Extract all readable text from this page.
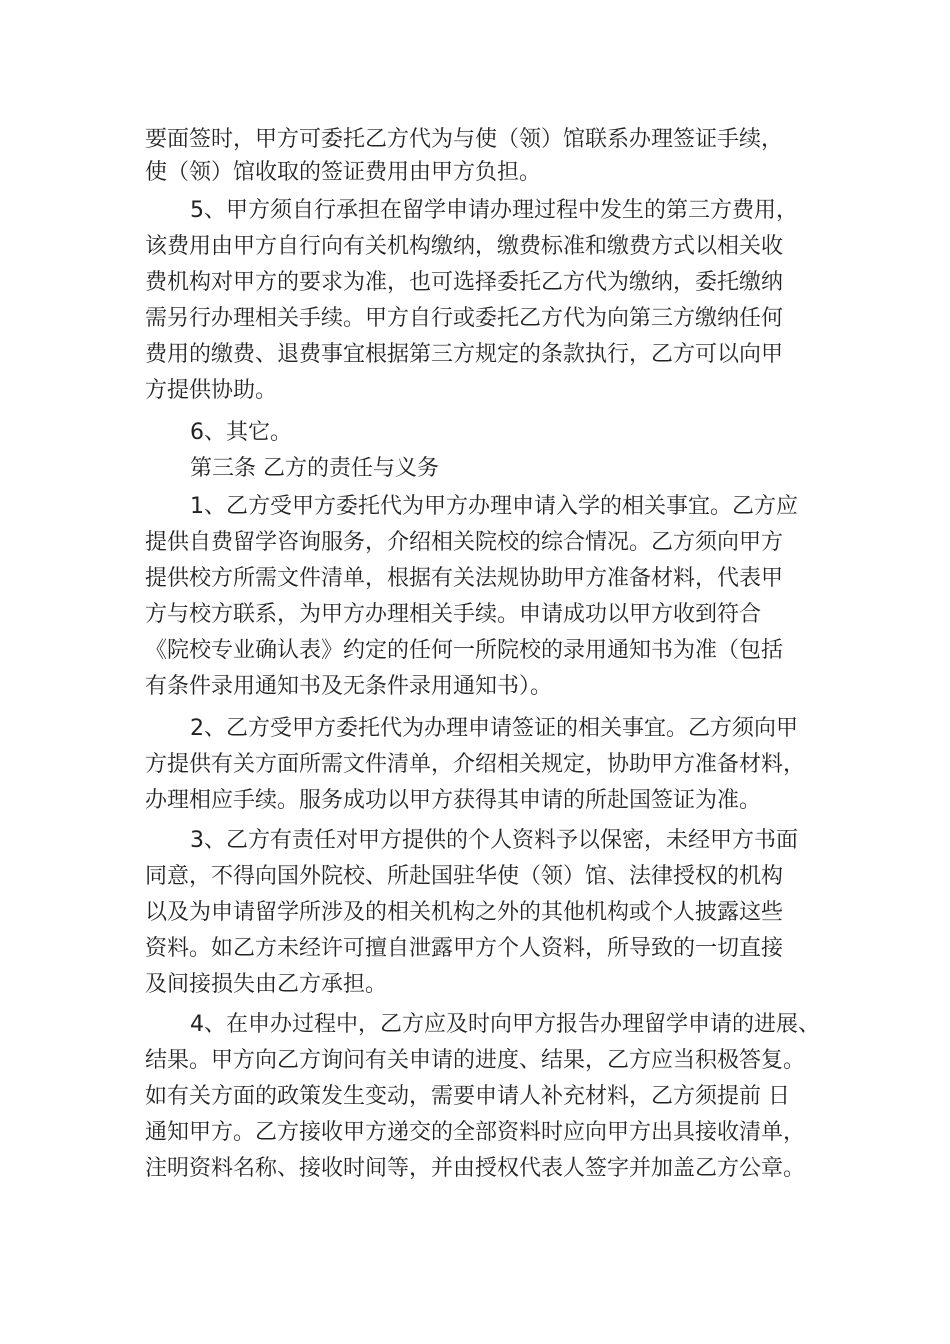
要面签时，甲方可委托乙方代为与使（领）馆联系办理签证手续，
使（领）馆收取的签证费用由甲方负担。
5、甲方须自行承担在留学申请办理过程中发生的第三方费用，
该费用由甲方自行向有关机构缴纳，缴费标准和缴费方式以相关收
费机构对甲方的要求为准，也可选择委托乙方代为缴纳，委托缴纳
需另行办理相关手续。甲方自行或委托乙方代为向第三方缴纳任何
费用的缴费、退费事宜根据第三方规定的条款执行，乙方可以向甲
方提供协助。
6、其它。
第三条 乙方的责任与义务
1、乙方受甲方委托代为甲方办理申请入学的相关事宜。乙方应
提供自费留学咨询服务，介绍相关院校的综合情况。乙方须向甲方
提供校方所需文件清单，根据有关法规协助甲方准备材料，代表甲
方与校方联系，为甲方办理相关手续。申请成功以甲方收到符合
《院校专业确认表》约定的任何一所院校的录用通知书为准（包括
有条件录用通知书及无条件录用通知书）。
2、乙方受甲方委托代为办理申请签证的相关事宜。乙方须向甲
方提供有关方面所需文件清单，介绍相关规定，协助甲方准备材料，
办理相应手续。服务成功以甲方获得其申请的所赴国签证为准。
3、乙方有责任对甲方提供的个人资料予以保密，未经甲方书面
同意，不得向国外院校、所赴国驻华使（领）馆、法律授权的机构
以及为申请留学所涉及的相关机构之外的其他机构或个人披露这些
资料。如乙方未经许可擅自泄露甲方个人资料，所导致的一切直接
及间接损失由乙方承担。
4、在申办过程中，乙方应及时向甲方报告办理留学申请的进展、
结果。甲方向乙方询问有关申请的进度、结果，乙方应当积极答复。
如有关方面的政策发生变动，需要申请人补充材料，乙方须提前 日
通知甲方。乙方接收甲方递交的全部资料时应向甲方出具接收清单，
注明资料名称、接收时间等，并由授权代表人签字并加盖乙方公章。
